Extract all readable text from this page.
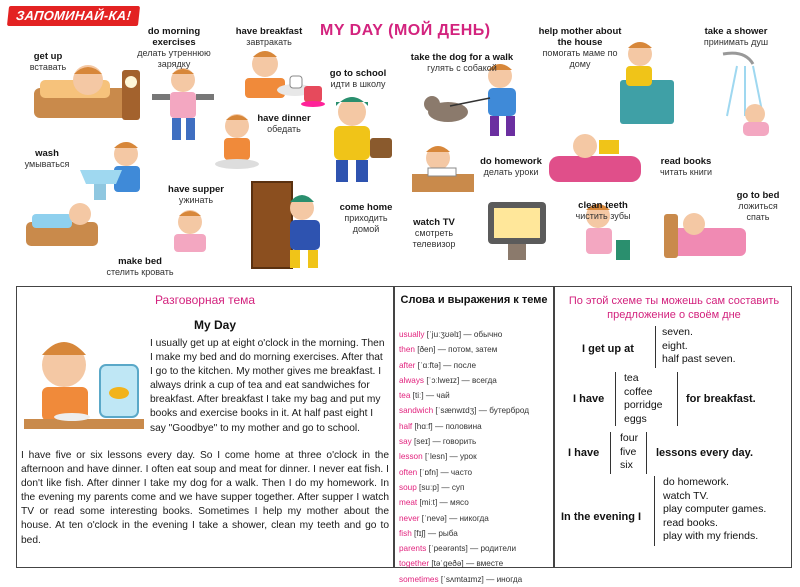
ЗАПОМИНАЙ-КА!
MY DAY (МОЙ ДЕНЬ)
get up
вставать
do morning exercises
делать утреннюю зарядку
have breakfast
завтракать
go to school
идти в школу
have dinner
обедать
wash
умываться
have supper
ужинать
come home
приходить домой
make bed
стелить кровать
take the dog for a walk
гулять с собакой
help mother about the house
помогать маме по дому
take a shower
принимать душ
do homework
делать уроки
read books
читать книги
watch TV
смотреть телевизор
clean teeth
чистить зубы
go to bed
ложиться спать
Разговорная тема
My Day
I usually get up at eight o'clock in the morning. Then I make my bed and do morning exercises. After that I go to the kitchen. My mother gives me breakfast. I always drink a cup of tea and eat sandwiches for breakfast. After breakfast I take my bag and put my books and exercise books in it. At half past eight I say "Goodbye" to my mother and go to school.
I have five or six lessons every day. So I come home at three o'clock in the afternoon and have dinner. I often eat soup and meat for dinner. I never eat fish. I don't like fish. After dinner I take my dog for a walk. Then I do my homework. In the evening my parents come and we have supper together. After supper I watch TV or read some interesting books. Sometimes I help my mother about the house. At ten o'clock in the evening I take a shower, clean my teeth and go to bed.
Слова и выражения к теме
usually [ˈjuːʒʊəlɪ] — обычно
then [ðen] — потом, затем
after [ˈɑːftə] — после
always [ˈɔːlweɪz] — всегда
tea [tiː] — чай
sandwich [ˈsænwɪdʒ] — бутерброд
half [hɑːf] — половина
say [seɪ] — говорить
lesson [ˈlesn] — урок
often [ˈɒfn] — часто
soup [suːp] — суп
meat [miːt] — мясо
never [ˈnevə] — никогда
fish [fɪʃ] — рыба
parents [ˈpeərənts] — родители
together [təˈgeðə] — вместе
sometimes [ˈsʌmtaɪmz] — иногда
По этой схеме ты можешь сам составить предложение о своём дне
I get up at
seven.
eight.
half past seven.
I have
tea
coffee
porridge
eggs
for breakfast.
I have
four
five
six
lessons every day.
In the evening I
do homework.
watch TV.
play computer games.
read books.
play with my friends.
